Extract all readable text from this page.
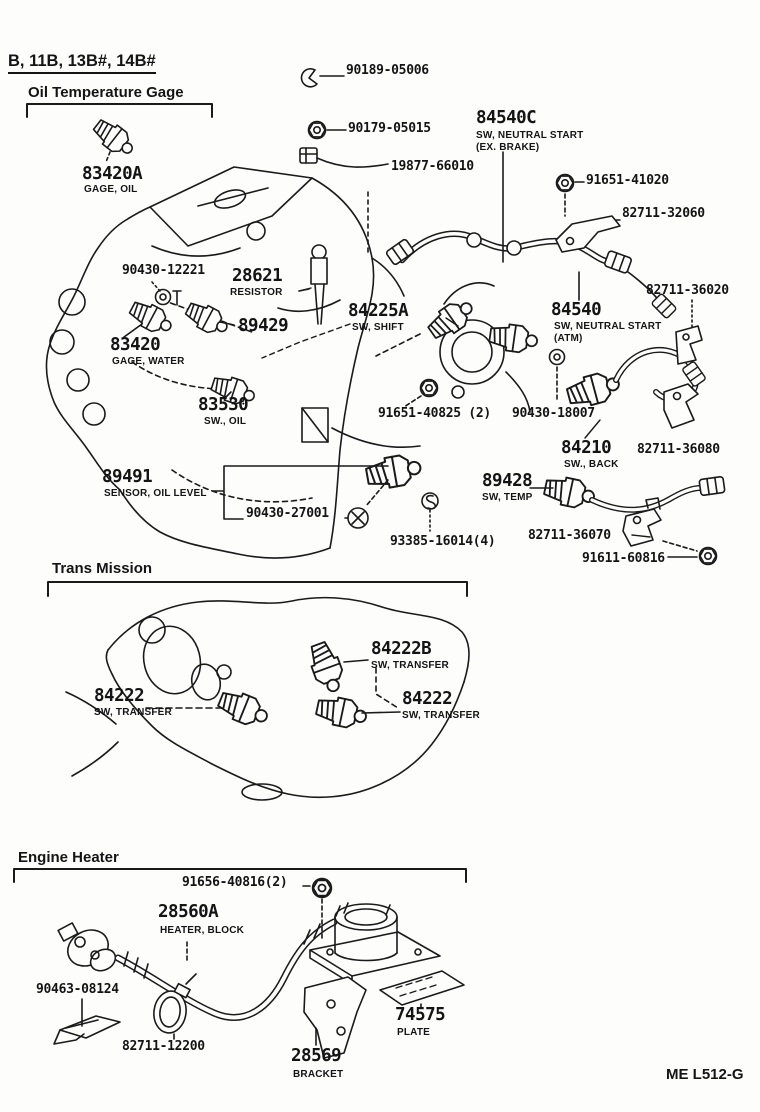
B, 11B, 13B#, 14B#
Oil Temperature Gage
Trans Mission
Engine Heater
90189-05006
90179-05015
19877-66010
84540C
SW, NEUTRAL START
(EX. BRAKE)
91651-41020
82711-32060
83420A
GAGE, OIL
90430-12221 28621
RESISTOR
89429
84225A
SW, SHIFT
84540
SW, NEUTRAL START
(ATM)
82711-36020
83420
GAGE, WATER
83530
SW., OIL
91651-40825 (2) 90430-18007
84210
SW., BACK
82711-36080
89428
SW, TEMP
82711-36070
91611-60816
89491
SENSOR, OIL LEVEL
90430-27001
93385-16014(4)
84222B
SW, TRANSFER
84222
SW, TRANSFER
84222
SW, TRANSFER
91656-40816(2)
28560A
HEATER, BLOCK
90463-08124
82711-12200	28569
BRACKET
74575
PLATE
ME L512-G
